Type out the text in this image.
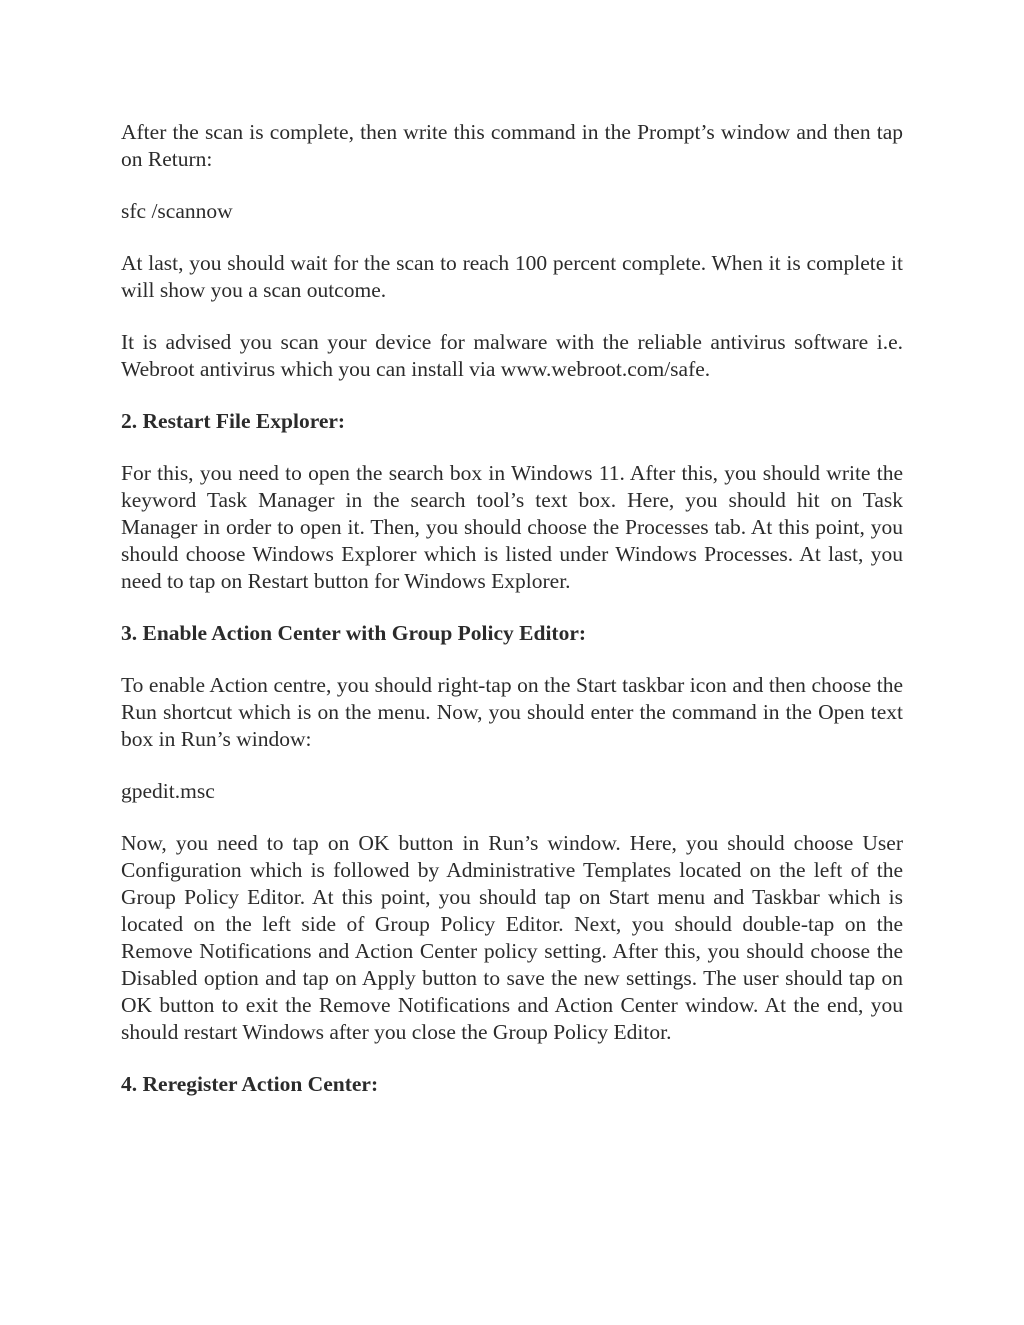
After the scan is complete, then write this command in the Prompt’s window and then tap on Return:

sfc /scannow

At last, you should wait for the scan to reach 100 percent complete. When it is complete it will show you a scan outcome.

It is advised you scan your device for malware with the reliable antivirus software i.e. Webroot antivirus which you can install via www.webroot.com/safe.

2. Restart File Explorer:

For this, you need to open the search box in Windows 11. After this, you should write the keyword Task Manager in the search tool’s text box. Here, you should hit on Task Manager in order to open it. Then, you should choose the Processes tab. At this point, you should choose Windows Explorer which is listed under Windows Processes. At last, you need to tap on Restart button for Windows Explorer.

3. Enable Action Center with Group Policy Editor:

To enable Action centre, you should right-tap on the Start taskbar icon and then choose the Run shortcut which is on the menu. Now, you should enter the command in the Open text box in Run’s window:

gpedit.msc

Now, you need to tap on OK button in Run’s window. Here, you should choose User Configuration which is followed by Administrative Templates located on the left of the Group Policy Editor. At this point, you should tap on Start menu and Taskbar which is located on the left side of Group Policy Editor. Next, you should double-tap on the Remove Notifications and Action Center policy setting. After this, you should choose the Disabled option and tap on Apply button to save the new settings. The user should tap on OK button to exit the Remove Notifications and Action Center window. At the end, you should restart Windows after you close the Group Policy Editor.

4. Reregister Action Center:
